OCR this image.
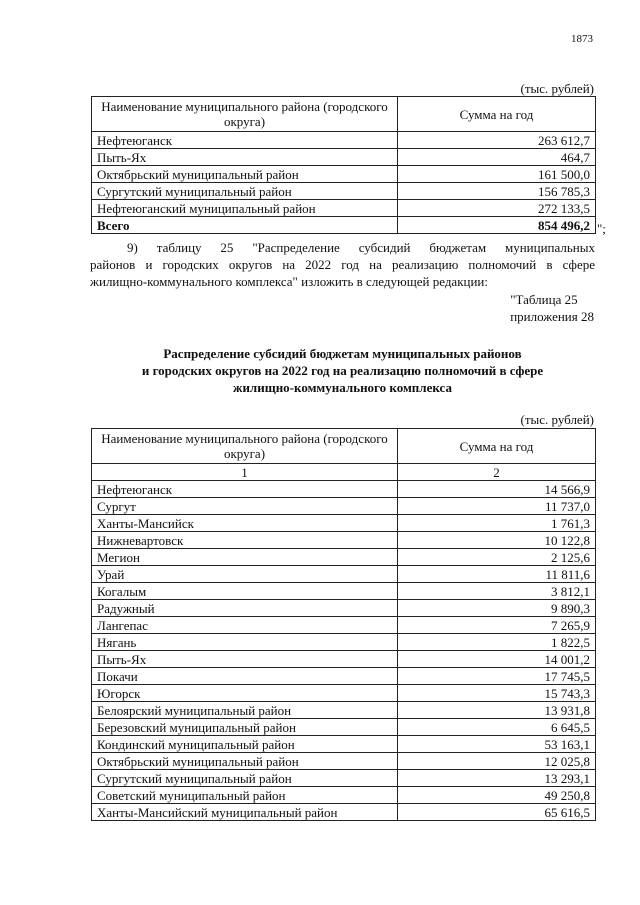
1873
(тыс. рублей)
Наименование муниципального района (городского округа)	Сумма на год
Нефтеюганск	263 612,7
Пыть-Ях	464,7
Октябрьский муниципальный район	161 500,0
Сургутский муниципальный район	156 785,3
Нефтеюганский муниципальный район	272 133,5
Всего	854 496,2 ";
9) таблицу 25 "Распределение субсидий бюджетам муниципальных
районов и городских округов на 2022 год на реализацию полномочий в сфере
жилищно-коммунального комплекса" изложить в следующей редакции:
"Таблица 25
приложения 28
Распределение субсидий бюджетам муниципальных районов
и городских округов на 2022 год на реализацию полномочий в сфере
жилищно-коммунального комплекса
(тыс. рублей)
Наименование муниципального района (городского округа)	Сумма на год
1	2
Нефтеюганск	14 566,9
Сургут	11 737,0
Ханты-Мансийск	1 761,3
Нижневартовск	10 122,8
Мегион	2 125,6
Урай	11 811,6
Когалым	3 812,1
Радужный	9 890,3
Лангепас	7 265,9
Нягань	1 822,5
Пыть-Ях	14 001,2
Покачи	17 745,5
Югорск	15 743,3
Белоярский муниципальный район	13 931,8
Березовский муниципальный район	6 645,5
Кондинский муниципальный район	53 163,1
Октябрьский муниципальный район	12 025,8
Сургутский муниципальный район	13 293,1
Советский муниципальный район	49 250,8
Ханты-Мансийский муниципальный район	65 616,5
